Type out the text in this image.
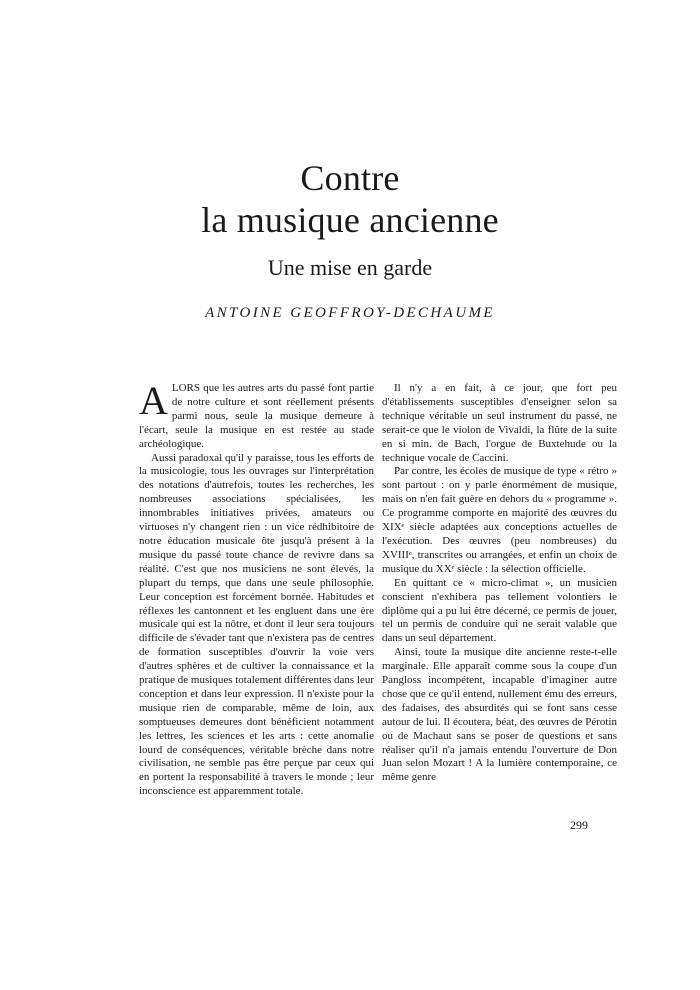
Contre
la musique ancienne
Une mise en garde
ANTOINE GEOFFROY-DECHAUME

ALORS que les autres arts du passé font partie de notre culture et sont réellement présents parmi nous, seule la musique demeure à l'écart, seule la musique en est restée au stade archéologique.

Aussi paradoxal qu'il y paraisse, tous les efforts de la musicologie, tous les ouvrages sur l'interprétation des notations d'autrefois, toutes les recherches, les nombreuses associations spécialisées, les innombrables initiatives privées, amateurs ou virtuoses n'y changent rien : un vice rédhibitoire de notre éducation musicale ôte jusqu'à présent à la musique du passé toute chance de revivre dans sa réalité. C'est que nos musiciens ne sont élevés, la plupart du temps, que dans une seule philosophie. Leur conception est forcément bornée. Habitudes et réflexes les cantonnent et les engluent dans une ère musicale qui est la nôtre, et dont il leur sera toujours difficile de s'évader tant que n'existera pas de centres de formation susceptibles d'ouvrir la voie vers d'autres sphères et de cultiver la connaissance et la pratique de musiques totalement différentes dans leur conception et dans leur expression. Il n'existe pour la musique rien de comparable, même de loin, aux somptueuses demeures dont bénéficient notamment les lettres, les sciences et les arts : cette anomalie lourd de conséquences, véritable brèche dans notre civilisation, ne semble pas être perçue par ceux qui en portent la responsabilité à travers le monde ; leur inconscience est apparemment totale.

Il n'y a en fait, à ce jour, que fort peu d'établissements susceptibles d'enseigner selon sa technique véritable un seul instrument du passé, ne serait-ce que le violon de Vivaldi, la flûte de la suite en si min. de Bach, l'orgue de Buxtehude ou la technique vocale de Caccini.

Par contre, les écoles de musique de type « rétro » sont partout : on y parle énormément de musique, mais on n'en fait guère en dehors du « programme ». Ce programme comporte en majorité des œuvres du XIXᵉ siècle adaptées aux conceptions actuelles de l'exécution. Des œuvres (peu nombreuses) du XVIIIᵉ, transcrites ou arrangées, et enfin un choix de musique du XXᵉ siècle : la sélection officielle.

En quittant ce « micro-climat », un musicien conscient n'exhibera pas tellement volontiers le diplôme qui a pu lui être décerné, ce permis de jouer, tel un permis de conduire qui ne serait valable que dans un seul département.

Ainsi, toute la musique dite ancienne reste-t-elle marginale. Elle apparaît comme sous la coupe d'un Pangloss incompétent, incapable d'imaginer autre chose que ce qu'il entend, nullement ému des erreurs, des fadaises, des absurdités qui se font sans cesse autour de lui. Il écoutera, béat, des œuvres de Pérotin ou de Machaut sans se poser de questions et sans réaliser qu'il n'a jamais entendu l'ouverture de Don Juan selon Mozart ! A la lumière contemporaine, ce même genre

299
